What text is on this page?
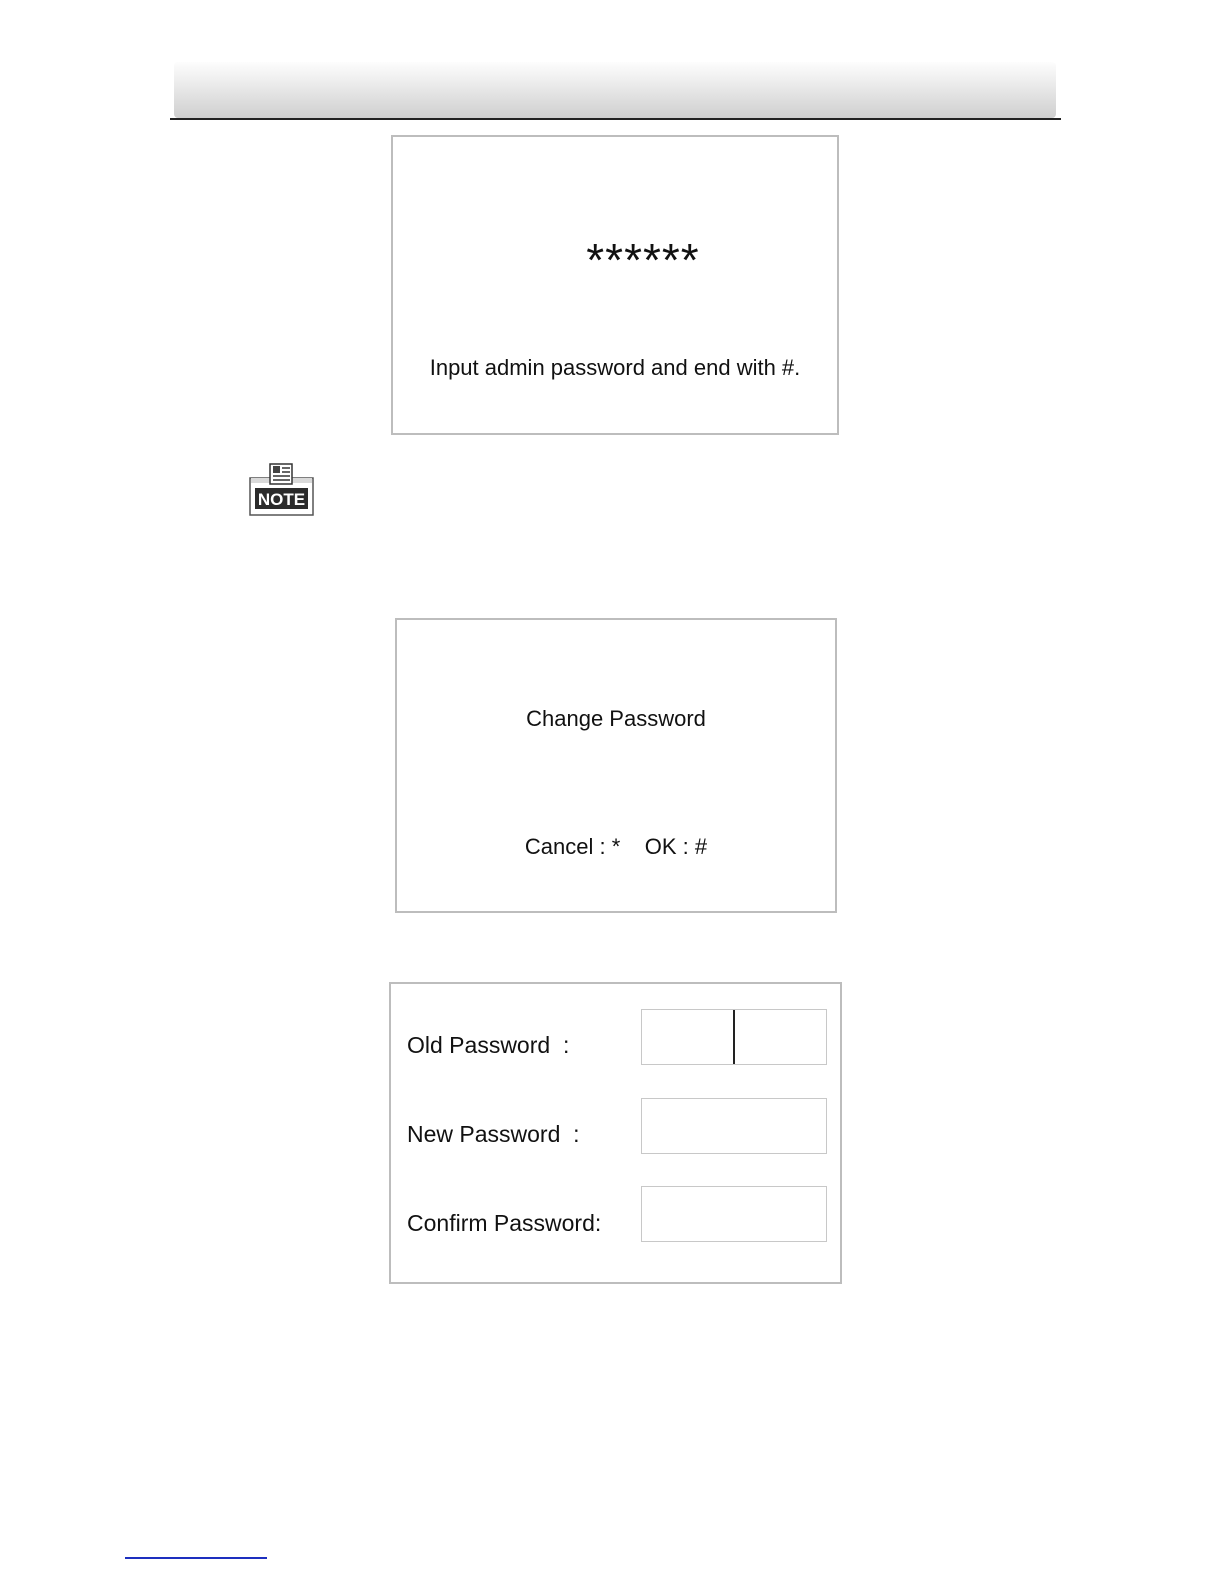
******
Input admin password and end with #.
NOTE
Change Password
Cancel : *    OK : #
Old Password  :
New Password  :
Confirm Password:
